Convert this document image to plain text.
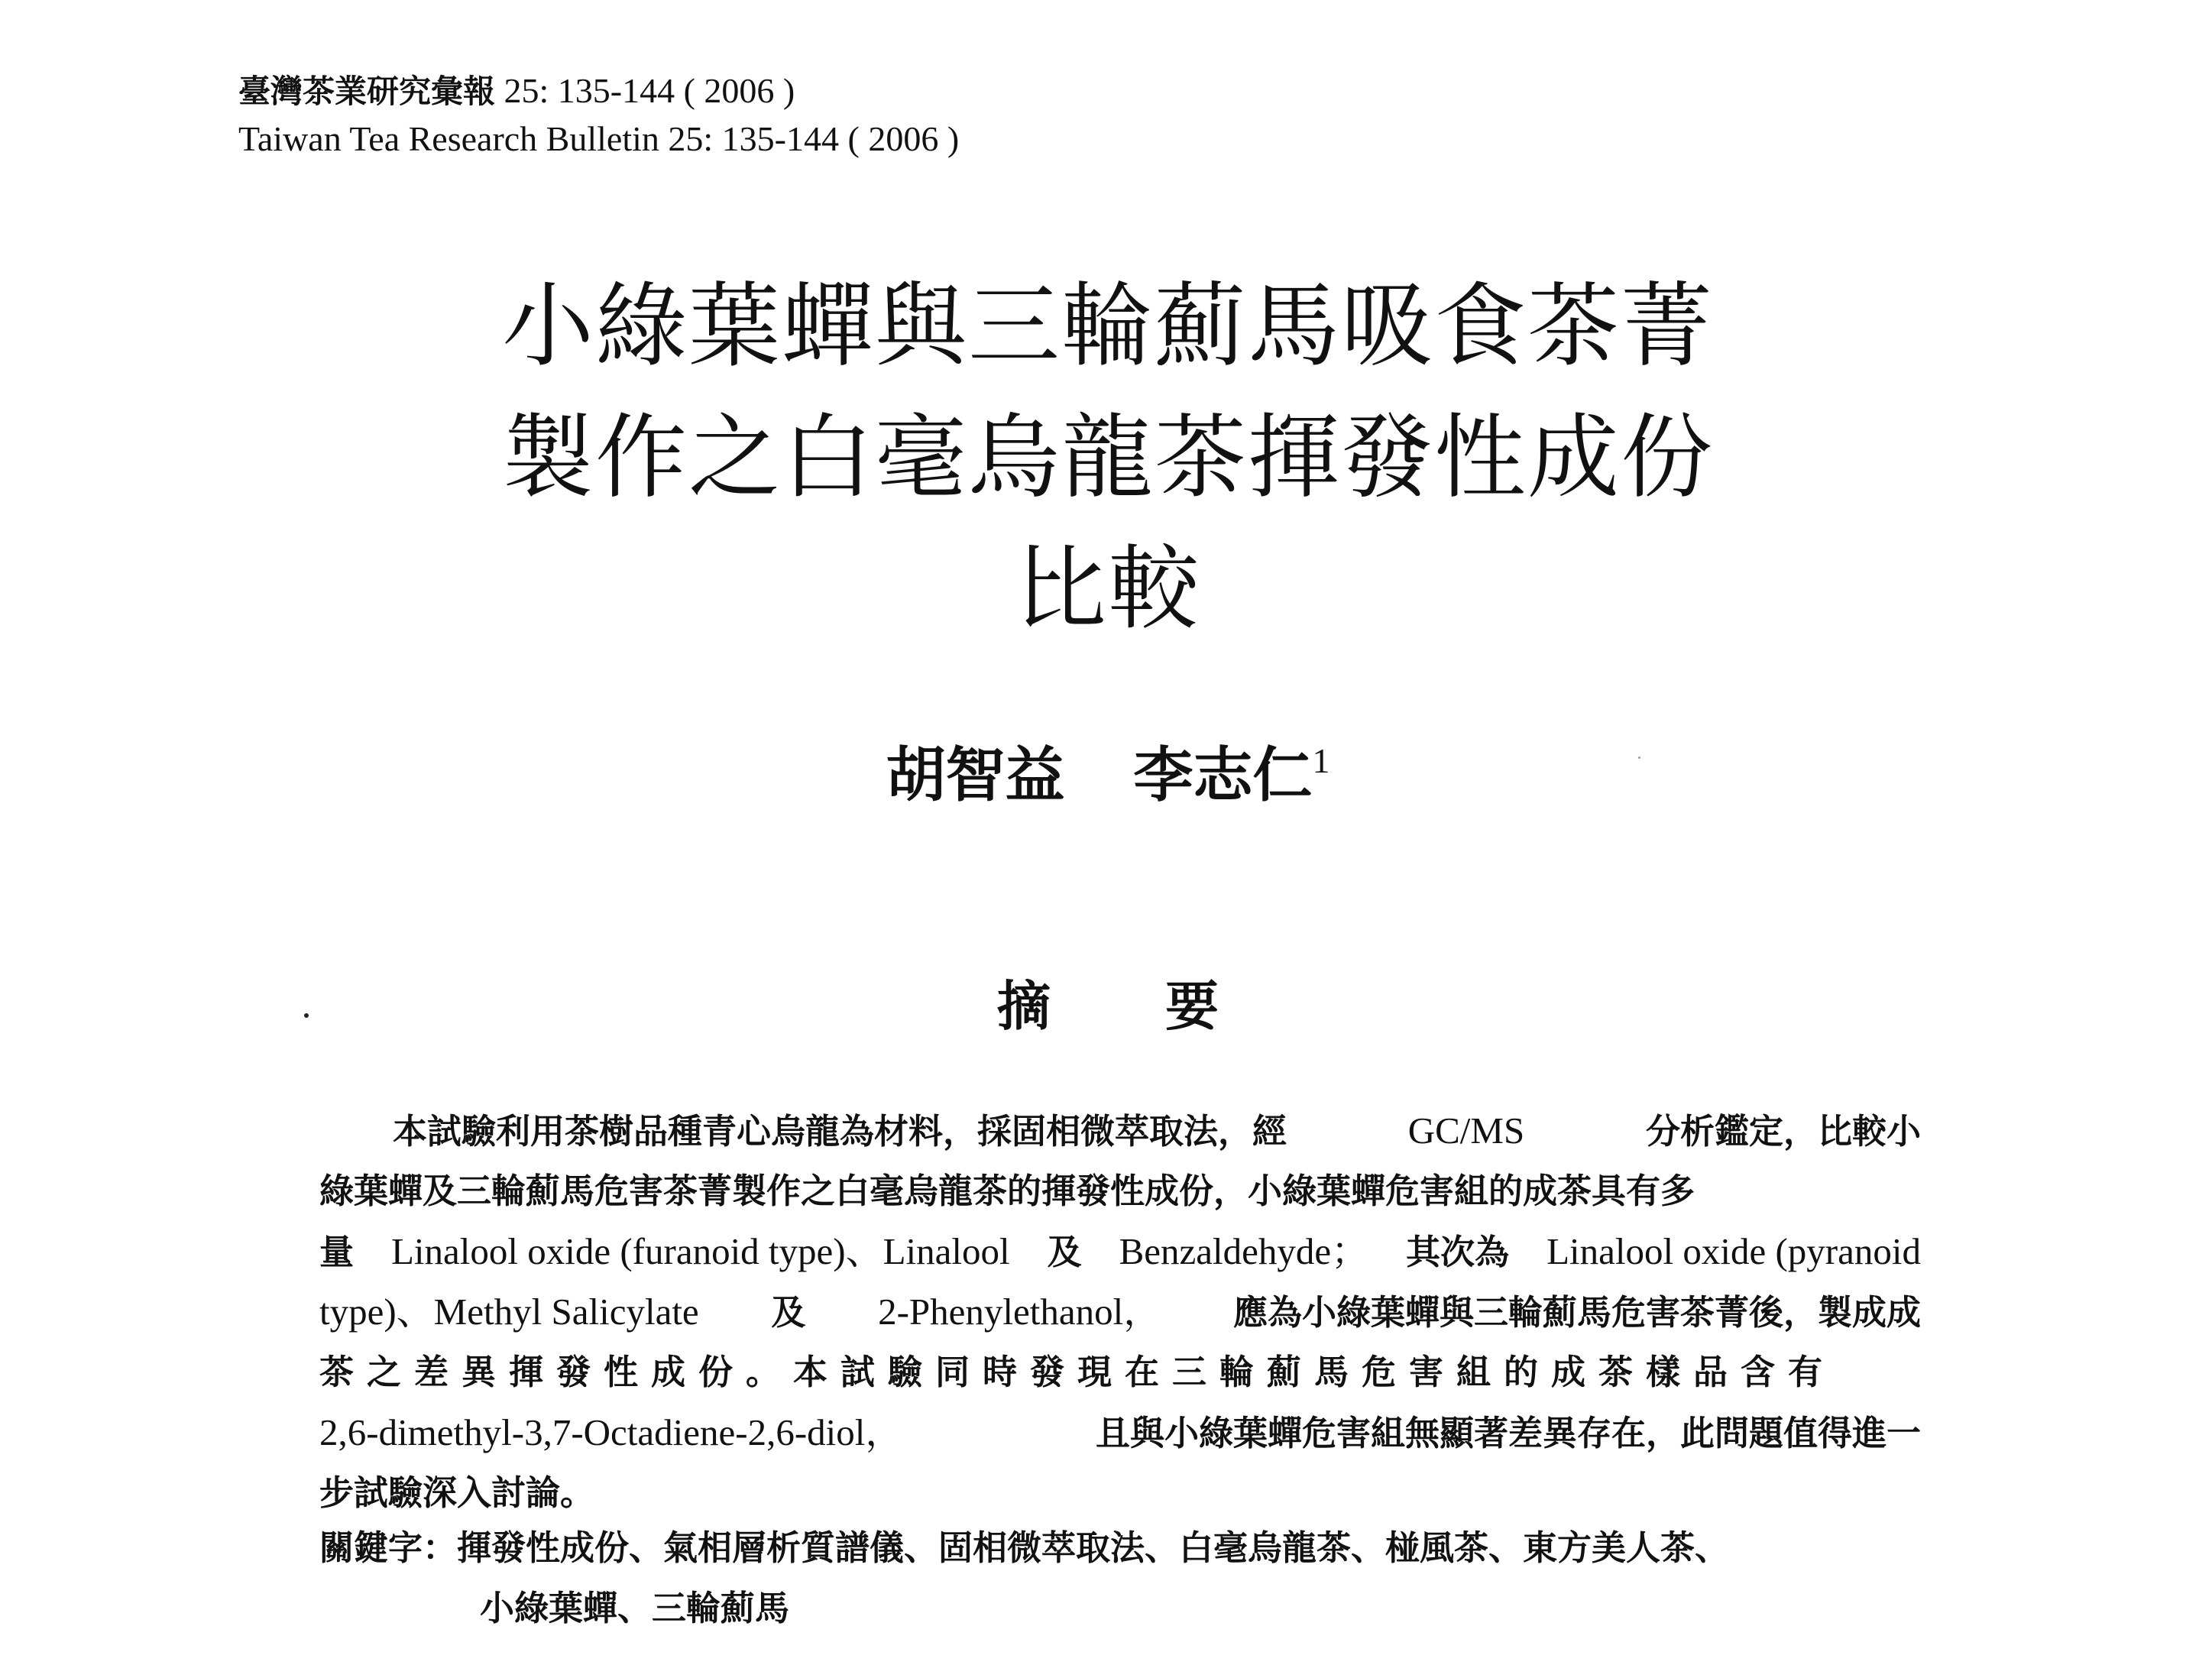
臺灣茶業研究彙報 25: 135-144 ( 2006 )
Taiwan Tea Research Bulletin 25: 135-144 ( 2006 )
小綠葉蟬與三輪薊馬吸食茶菁
製作之白毫烏龍茶揮發性成份
比較
胡智益 李志仁$^1$
摘要
本試驗利用茶樹品種青心烏龍為材料，採固相微萃取法，經	GC/MS	分析鑑定，比較小
綠葉蟬及三輪薊馬危害茶菁製作之白毫烏龍茶的揮發性成份，小綠葉蟬危害組的成茶具有多
量 Linalool oxide (furanoid type)、Linalool 及 Benzaldehyde； 其次為 Linalool oxide (pyranoid
type)、Methyl Salicylate 及 2-Phenylethanol， 應為小綠葉蟬與三輪薊馬危害茶菁後，製成成
茶之差異揮發性成份。本試驗同時發現在三輪薊馬危害組的成茶樣品含有
2,6-dimethyl-3,7-Octadiene-2,6-diol，	且與小綠葉蟬危害組無顯著差異存在，此問題值得進一
步試驗深入討論。
關鍵字：揮發性成份、氣相層析質譜儀、固相微萃取法、白毫烏龍茶、椪風茶、東方美人茶、
小綠葉蟬、三輪薊馬
